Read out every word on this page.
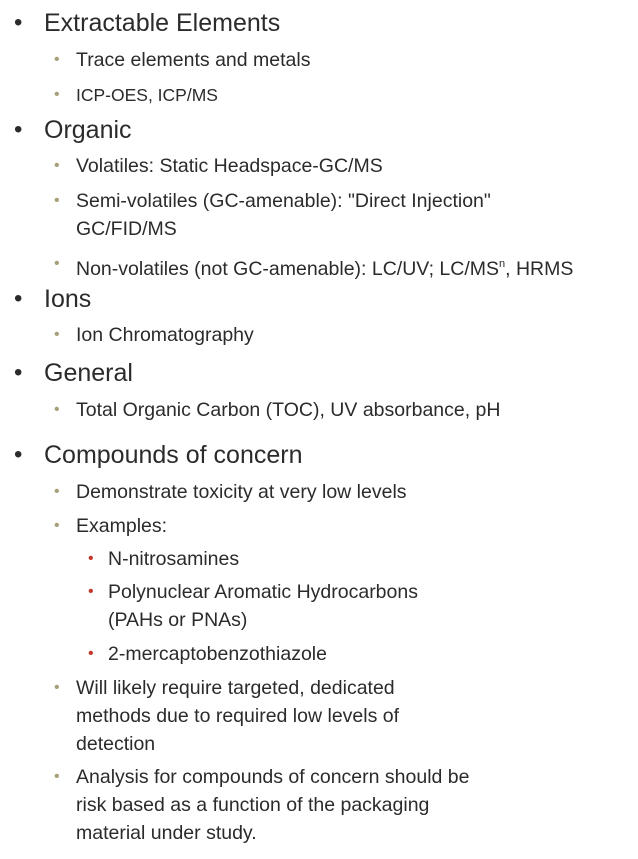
• Extractable Elements
• Trace elements and metals
• ICP-OES, ICP/MS
• Organic
• Volatiles: Static Headspace-GC/MS
• Semi-volatiles (GC-amenable): "Direct Injection" GC/FID/MS
• Non-volatiles (not GC-amenable): LC/UV; $LC/MS^n$, HRMS
• Ions
• Ion Chromatography
• General
• Total Organic Carbon (TOC), UV absorbance, pH
• Compounds of concern
• Demonstrate toxicity at very low levels
• Examples:
• N-nitrosamines
• Polynuclear Aromatic Hydrocarbons (PAHs or PNAs)
• 2-mercaptobenzothiazole
• Will likely require targeted, dedicated methods due to required low levels of detection
• Analysis for compounds of concern should be risk based as a function of the packaging material under study.
